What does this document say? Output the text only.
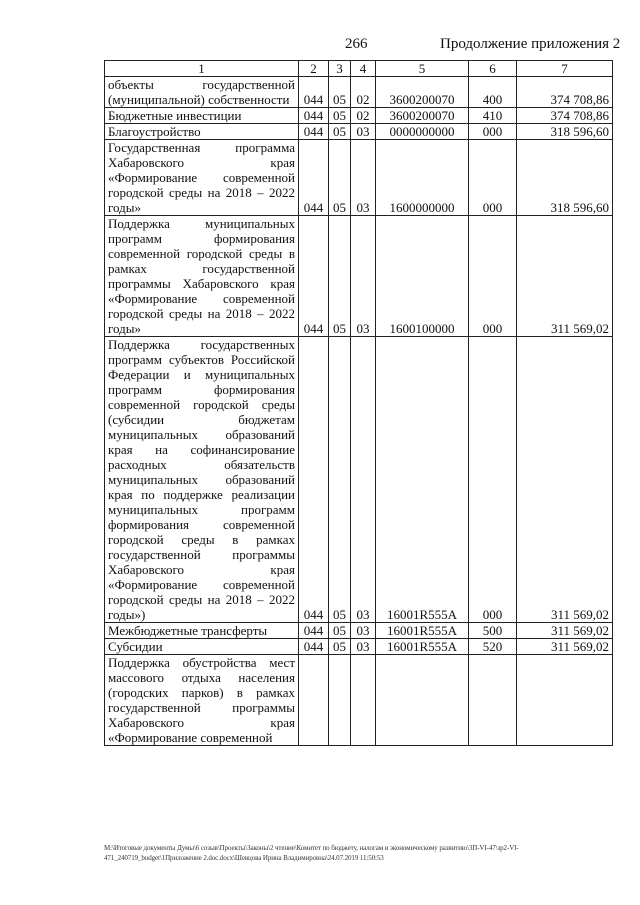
266	Продолжение приложения 2
1	2	3	4	5	6	7
объекты государственной (муниципальной) собственности	044	05	02	3600200070	400	374 708,86
Бюджетные инвестиции	044	05	02	3600200070	410	374 708,86
Благоустройство	044	05	03	0000000000	000	318 596,60
Государственная программа Хабаровского края «Формирование современной городской среды на 2018 – 2022 годы»	044	05	03	1600000000	000	318 596,60
Поддержка муниципальных программ формирования современной городской среды в рамках государственной программы Хабаровского края «Формирование современной городской среды на 2018 – 2022 годы»	044	05	03	1600100000	000	311 569,02
Поддержка государственных программ субъектов Российской Федерации и муниципальных программ формирования современной городской среды (субсидии бюджетам муниципальных образований края на софинансирование расходных обязательств муниципальных образований края по поддержке реализации муниципальных программ формирования современной городской среды в рамках государственной программы Хабаровского края «Формирование современной городской среды на 2018 – 2022 годы»)	044	05	03	16001R555A	000	311 569,02
Межбюджетные трансферты	044	05	03	16001R555A	500	311 569,02
Субсидии	044	05	03	16001R555A	520	311 569,02
Поддержка обустройства мест массового отдыха населения (городских парков) в рамках государственной программы Хабаровского края «Формирование современной						
M:\Итоговые документы Думы\6 созыв\Проекты\Законы\2 чтение\Комитет по бюджету, налогам и экономическому развитию\3П-VI-47\зр2-VI-471_240719_budget\1Приложение 2.doc.docx\Шевцова Ирина Владимировна\24.07.2019 11:50:53
